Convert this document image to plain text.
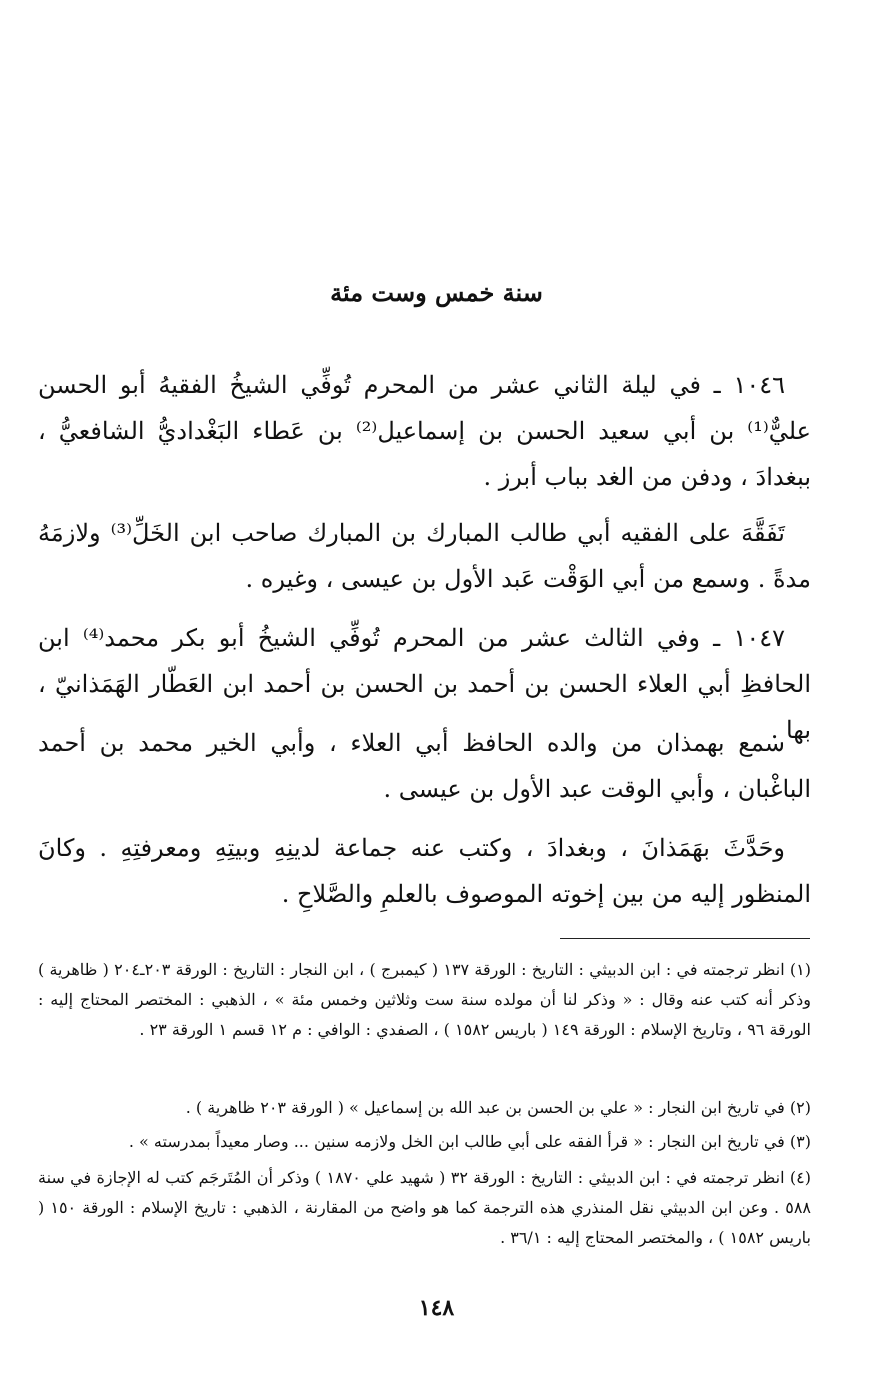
سنة خمس وست مئة
١٠٤٦ ـ في ليلة الثاني عشر من المحرم تُوفِّي الشيخُ الفقيهُ أبو الحسن عليٌّ⁽¹⁾ بن أبي سعيد الحسن بن إسماعيل⁽²⁾ بن عَطاء البَغْداديُّ الشافعيُّ ، ببغدادَ ، ودفن من الغد بباب أبرز .
تَفَقَّهَ على الفقيه أبي طالب المبارك بن المبارك صاحب ابن الخَلِّ⁽³⁾ ولازمَهُ مدةً . وسمع من أبي الوَقْت عَبد الأول بن عيسى ، وغيره .
١٠٤٧ ـ وفي الثالث عشر من المحرم تُوفِّي الشيخُ أبو بكر محمد⁽⁴⁾ ابن الحافظِ أبي العلاء الحسن بن أحمد بن الحسن بن أحمد ابن العَطّار الهَمَذانيّ ، بها .
سمع بهمذان من والده الحافظ أبي العلاء ، وأبي الخير محمد بن أحمد الباغْبان ، وأبي الوقت عبد الأول بن عيسى .
وحَدَّثَ بهَمَذانَ ، وبغدادَ ، وكتب عنه جماعة لدينِهِ وبيتِهِ ومعرفتِهِ . وكانَ المنظور إليه من بين إخوته الموصوف بالعلمِ والصَّلاحِ .
(١) انظر ترجمته في : ابن الدبيثي : التاريخ : الورقة ١٣٧ ( كيمبرج ) ، ابن النجار : التاريخ : الورقة ٢٠٣ـ٢٠٤ ( ظاهرية ) وذكر أنه كتب عنه وقال : « وذكر لنا أن مولده سنة ست وثلاثين وخمس مئة » ، الذهبي : المختصر المحتاج إليه : الورقة ٩٦ ، وتاريخ الإسلام : الورقة ١٤٩ ( باريس ١٥٨٢ ) ، الصفدي : الوافي : م ١٢ قسم ١ الورقة ٢٣ .
(٢) في تاريخ ابن النجار : « علي بن الحسن بن عبد الله بن إسماعيل » ( الورقة ٢٠٣ ظاهرية ) .
(٣) في تاريخ ابن النجار : « قرأ الفقه على أبي طالب ابن الخل ولازمه سنين ... وصار معيداً بمدرسته » .
(٤) انظر ترجمته في : ابن الدبيثي : التاريخ : الورقة ٣٢ ( شهيد علي ١٨٧٠ ) وذكر أن المُتَرجَم كتب له الإجازة في سنة ٥٨٨ . وعن ابن الدبيثي نقل المنذري هذه الترجمة كما هو واضح من المقارنة ، الذهبي : تاريخ الإسلام : الورقة ١٥٠ ( باريس ١٥٨٢ ) ، والمختصر المحتاج إليه : ٣٦/١ .
١٤٨
